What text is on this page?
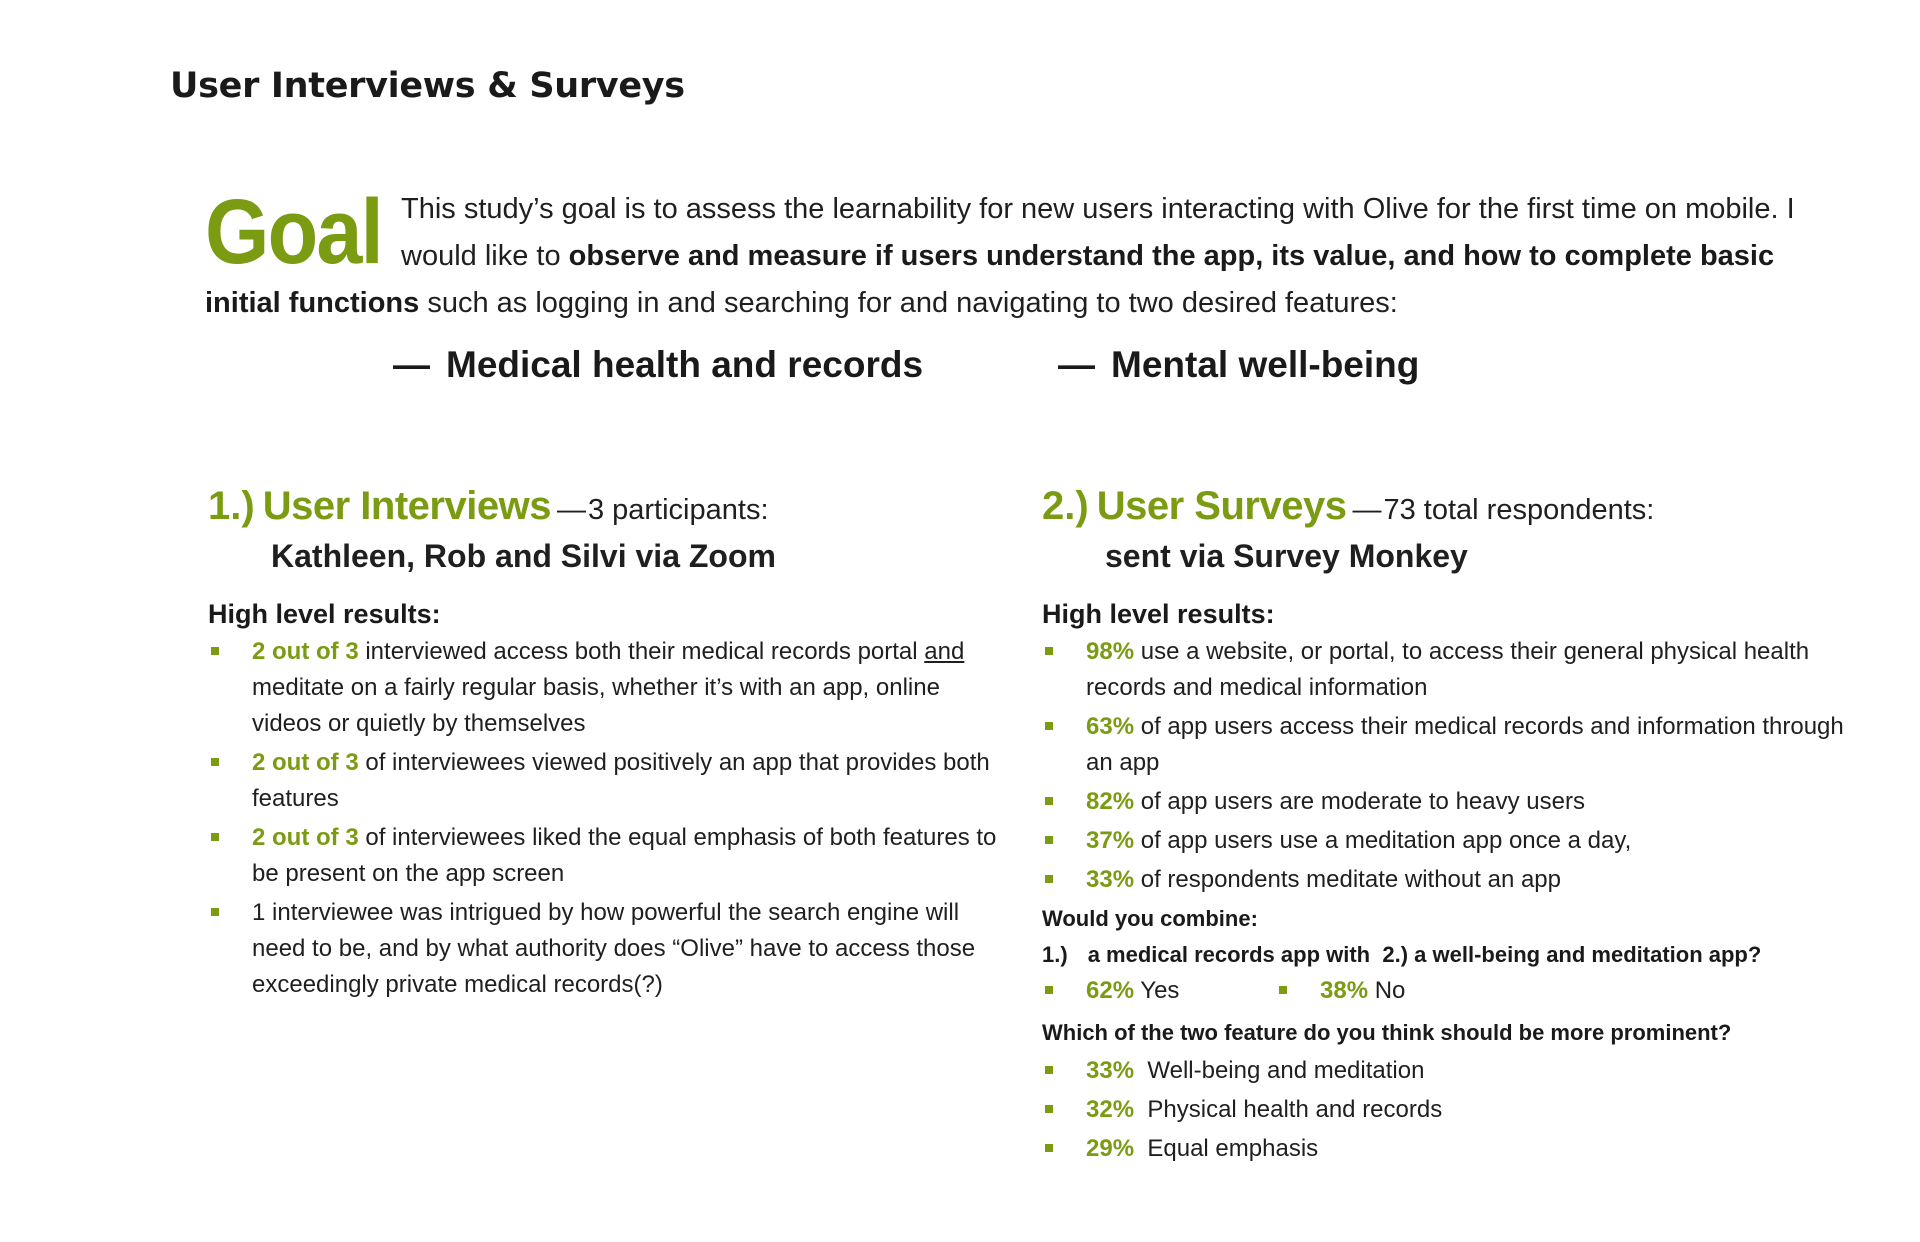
User Interviews & Surveys
Goal This study’s goal is to assess the learnability for new users interacting with Olive for the first time on mobile. I would like to observe and measure if users understand the app, its value, and how to complete basic initial functions such as logging in and searching for and navigating to two desired features:
— Medical health and records	— Mental well-being
1.) User Interviews —3 participants:
Kathleen, Rob and Silvi via Zoom
High level results:
2 out of 3 interviewed access both their medical records portal and meditate on a fairly regular basis, whether it’s with an app, online videos or quietly by themselves
2 out of 3 of interviewees viewed positively an app that provides both features
2 out of 3 of interviewees liked the equal emphasis of both features to be present on the app screen
1 interviewee was intrigued by how powerful the search engine will need to be, and by what authority does “Olive” have to access those exceedingly private medical records(?)
2.) User Surveys —73 total respondents:
sent via Survey Monkey
High level results:
98% use a website, or portal, to access their general physical health records and medical information
63% of app users access their medical records and information through an app
82% of app users are moderate to heavy users
37% of app users use a meditation app once a day,
33% of respondents meditate without an app
Would you combine:
1.) a medical records app with 2.) a well-being and meditation app?
62% Yes	38% No
Which of the two feature do you think should be more prominent?
33%  Well-being and meditation
32%  Physical health and records
29%  Equal emphasis
